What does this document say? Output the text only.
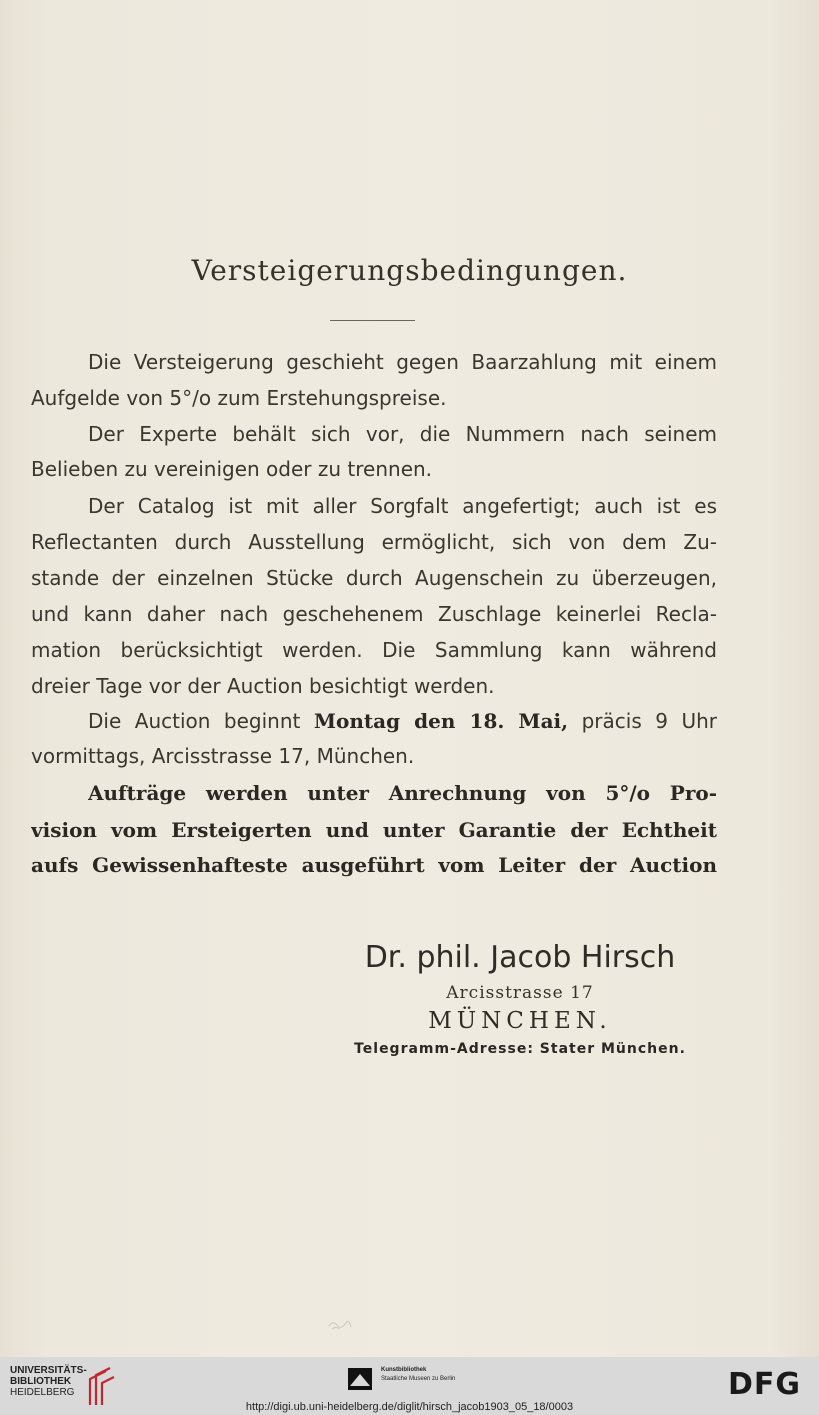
Versteigerungsbedingungen.
Die Versteigerung geschieht gegen Baarzahlung mit einem
Aufgelde von 5°/o zum Erstehungspreise.
Der Experte behält sich vor, die Nummern nach seinem
Belieben zu vereinigen oder zu trennen.
Der Catalog ist mit aller Sorgfalt angefertigt; auch ist es
Reflectanten durch Ausstellung ermöglicht, sich von dem Zu-
stande der einzelnen Stücke durch Augenschein zu überzeugen,
und kann daher nach geschehenem Zuschlage keinerlei Recla-
mation berücksichtigt werden. Die Sammlung kann während
dreier Tage vor der Auction besichtigt werden.
Die Auction beginnt Montag den 18. Mai, präcis 9 Uhr
vormittags, Arcisstrasse 17, München.
Aufträge werden unter Anrechnung von 5°/o Pro-
vision vom Ersteigerten und unter Garantie der Echtheit
aufs Gewissenhafteste ausgeführt vom Leiter der Auction
Dr. phil. Jacob Hirsch
Arcisstrasse 17
MÜNCHEN.
Telegramm-Adresse: Stater München.
UNIVERSITÄTS-
BIBLIOTHEK
HEIDELBERG
Kunstbibliothek
Staatliche Museen zu Berlin	DFG
http://digi.ub.uni-heidelberg.de/diglit/hirsch_jacob1903_05_18/0003
